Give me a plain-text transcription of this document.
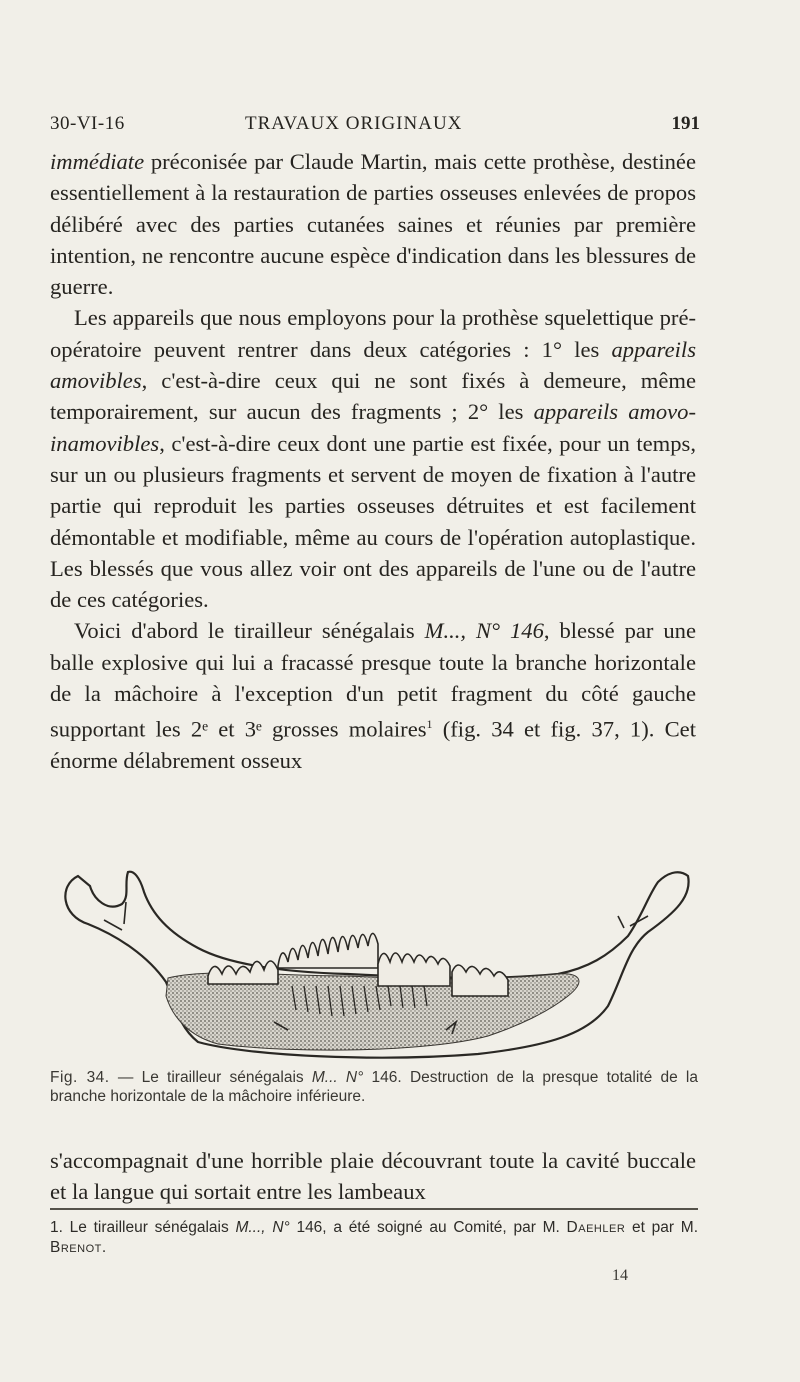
30-VI-16	TRAVAUX ORIGINAUX	191

immédiate préconisée par Claude Martin, mais cette prothèse, destinée essentiellement à la restauration de parties osseuses enlevées de propos délibéré avec des parties cutanées saines et réunies par première intention, ne rencontre aucune espèce d'indication dans les blessures de guerre.

Les appareils que nous employons pour la prothèse squelettique pré-opératoire peuvent rentrer dans deux catégories : 1° les appareils amovibles, c'est-à-dire ceux qui ne sont fixés à demeure, même temporairement, sur aucun des fragments ; 2° les appareils amovo-inamovibles, c'est-à-dire ceux dont une partie est fixée, pour un temps, sur un ou plusieurs fragments et servent de moyen de fixation à l'autre partie qui reproduit les parties osseuses détruites et est facilement démontable et modifiable, même au cours de l'opération autoplastique. Les blessés que vous allez voir ont des appareils de l'une ou de l'autre de ces catégories.

Voici d'abord le tirailleur sénégalais M..., N° 146, blessé par une balle explosive qui lui a fracassé presque toute la branche horizontale de la mâchoire à l'exception d'un petit fragment du côté gauche supportant les 2ᵉ et 3ᵉ grosses molaires$^1$ (fig. 34 et fig. 37, 1). Cet énorme délabrement osseux

Fig. 34. — Le tirailleur sénégalais M... N° 146. Destruction de la presque totalité de la branche horizontale de la mâchoire inférieure.
s'accompagnait d'une horrible plaie découvrant toute la cavité buccale et la langue qui sortait entre les lambeaux
1. Le tirailleur sénégalais M..., N° 146, a été soigné au Comité, par M. Daehler et par M. Brenot.
14
